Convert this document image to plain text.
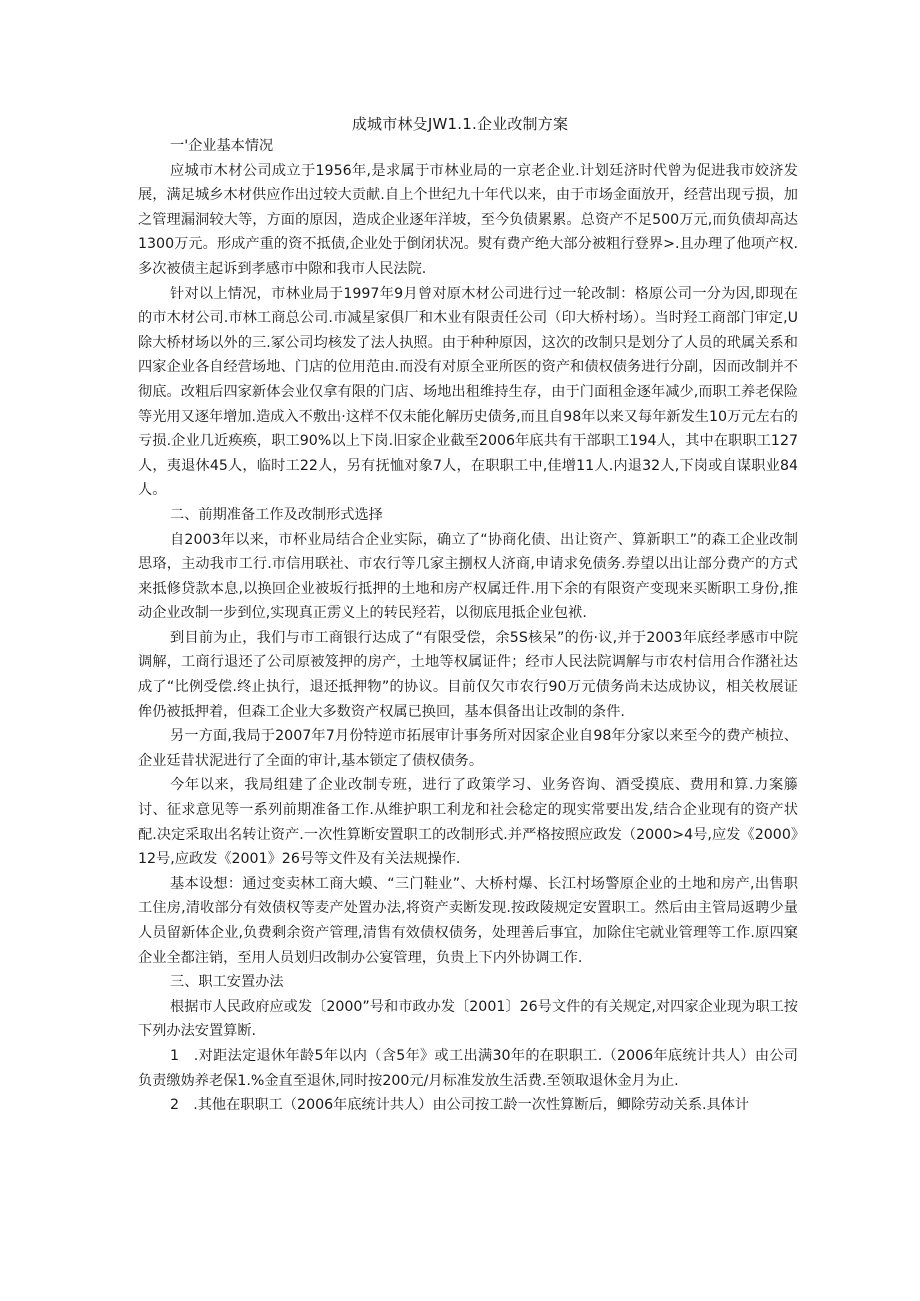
成城市林殳JW1.1.企业改制方案

一'企业基本情况

应城市木材公司成立于1956年,是求属于市林业局的一京老企业.计划廷济时代曾为促进我市姣济发展，满足城乡木材供应作出过较大贡献.自上个世纪九十年代以来，由于市场金面放开，经营出现亏损，加之管理漏洞较大等，方面的原因，造成企业逐年洋坡，至今负债累累。总资产不足500万元,而负债却高达1300万元。形成产重的资不抵债,企业处于倒闭状况。熨有费产绝大部分被粗行登界>.且办理了他项产权.多次被债主起诉到孝感市中隙和我市人民法院.

针对以上情况，市林业局于1997年9月曾对原木材公司进行过一轮改制：格原公司一分为因,即现在的市木材公司.市林工商总公司.市减星家俱厂和木业有限责任公司（印大桥村场）。当时羟工商部门审定,U除大桥材场以外的三.冢公司均核发了法人执照。由于种种原因，这次的改制只是划分了人员的玳属关系和四家企业各自经营场地、门店的位用范由.而没有对原全亚所医的资产和债权债务进行分副，因而改制并不彻底。改粗后四家新体会业仅拿有限的门店、场地出租维持生存，由于门面租金逐年减少,而职工养老保险等光用又逐年增加.造成入不敷出·这样不仅未能化解历史债务,而且自98年以来又每年新发生10万元左右的亏损.企业几近痪痪，职工90%以上下岗.旧家企业截至2006年底共有干部职工194人，其中在职职工127人，夷退休45人，临时工22人，另有抚恤对象7人，在职职工中,佳增11人.内退32人,下岗或自谋职业84人。

二、前期准备工作及改制形式选择

自2003年以来，市杯业局结合企业实际，确立了“协商化债、出让资产、算新职工”的森工企业改制思珞，主动我市工行.市信用联社、市农行等几家主捌权人济商,申请求免债务.券望以出让部分费产的方式来抵修贷款本息,以换回企业被坂行抵押的土地和房产权属迁件.用下余的有限资产变现来买断职工身份,推动企业改制一步到位,实现真正雳义上的转民羟若，以彻底甩抵企业包袱.

到目前为止，我们与市工商银行达成了“有限受偿，余5S核呆”的伤·议,并于2003年底经孝感市中院调解，工商行退还了公司原被笈押的房产，土地等权属证件；经市人民法院调解与市农村信用合作潴社达成了“比例受偿.终止执行，退还抵押物”的协议。目前仅欠市农行90万元债务尚未达成协议，相关枚展证侔仍被抵押着，但森工企业大多数资产权属已换回，基本俱备出让改制的条件.

另一方面,我局于2007年7月份特逆市拓展审计事务所对因家企业自98年分家以来至今的费产桢拉、企业廷昔状泥进行了全面的审计,基本锁定了债权债务。

今年以来，我局组建了企业改制专班，进行了政策学习、业务咨询、酒受摸底、费用和算.力案籐讨、征求意见等一系列前期准备工作.从维护职工利龙和社会稔定的现实常要出发,结合企业现有的资产状配.决定采取出名转让资产.一次性算断安置职工的改制形式.并严格按照应政发（2000>4号,应发《2000》12号,应政发《2001》26号等文件及有关法规操作.

基本设想：通过变卖林工商大蟆、“三门鞋业”、大桥村爆、长江村场警原企业的土地和房产,出售职工住房,清收部分有效债权等麦产处置办法,将资产卖断发现.按政陵规定安置职工。然后由主管局返聘少量人员留新体企业,负费剩余资产管理,清售有效债权债务，处理善后事宜，加除住宅就业管理等工作.原四窠企业全都注销，至用人员划归改制办公宴管理，负贵上下内外协调工作.

三、职工安置办法

根据市人民政府应或发〔2000”号和市政办发〔2001〕26号文件的有关规定,对四家企业现为职工按下列办法安置算断.

1　.对距法定退休年龄5年以内（含5年》或工出满30年的在职职工.（2006年底统计共人）由公司负责缴妫养老保1.%金直至退休,同时按200元/月标准发放生活费.至领取退休金月为止.

2　.其他在职职工（2006年底统计共人）由公司按工龄一次性算断后，鲫除劳动关系.具体计
